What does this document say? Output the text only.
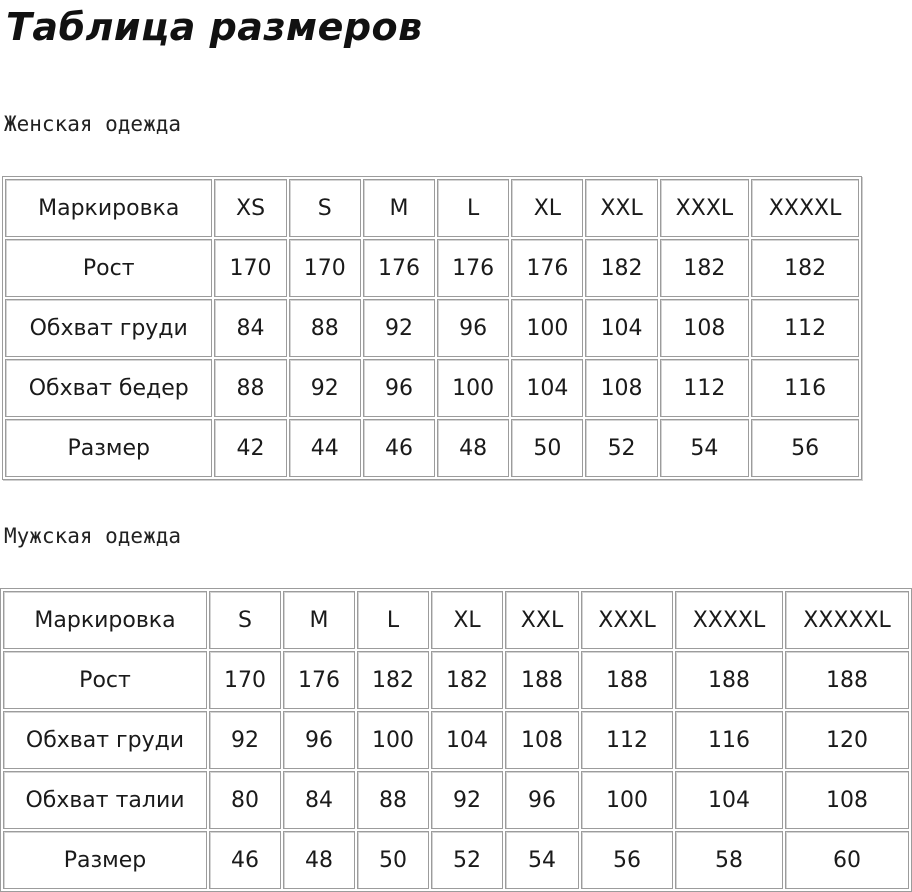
Таблица размеров
Женская одежда
Маркировка	XS	S	M	L	XL	XXL	XXXL	XXXXL
Рост	170	170	176	176	176	182	182	182
Обхват груди	84	88	92	96	100	104	108	112
Обхват бедер	88	92	96	100	104	108	112	116
Размер	42	44	46	48	50	52	54	56
Мужская одежда
Маркировка	S	M	L	XL	XXL	XXXL	XXXXL	XXXXXL
Рост	170	176	182	182	188	188	188	188
Обхват груди	92	96	100	104	108	112	116	120
Обхват талии	80	84	88	92	96	100	104	108
Размер	46	48	50	52	54	56	58	60
